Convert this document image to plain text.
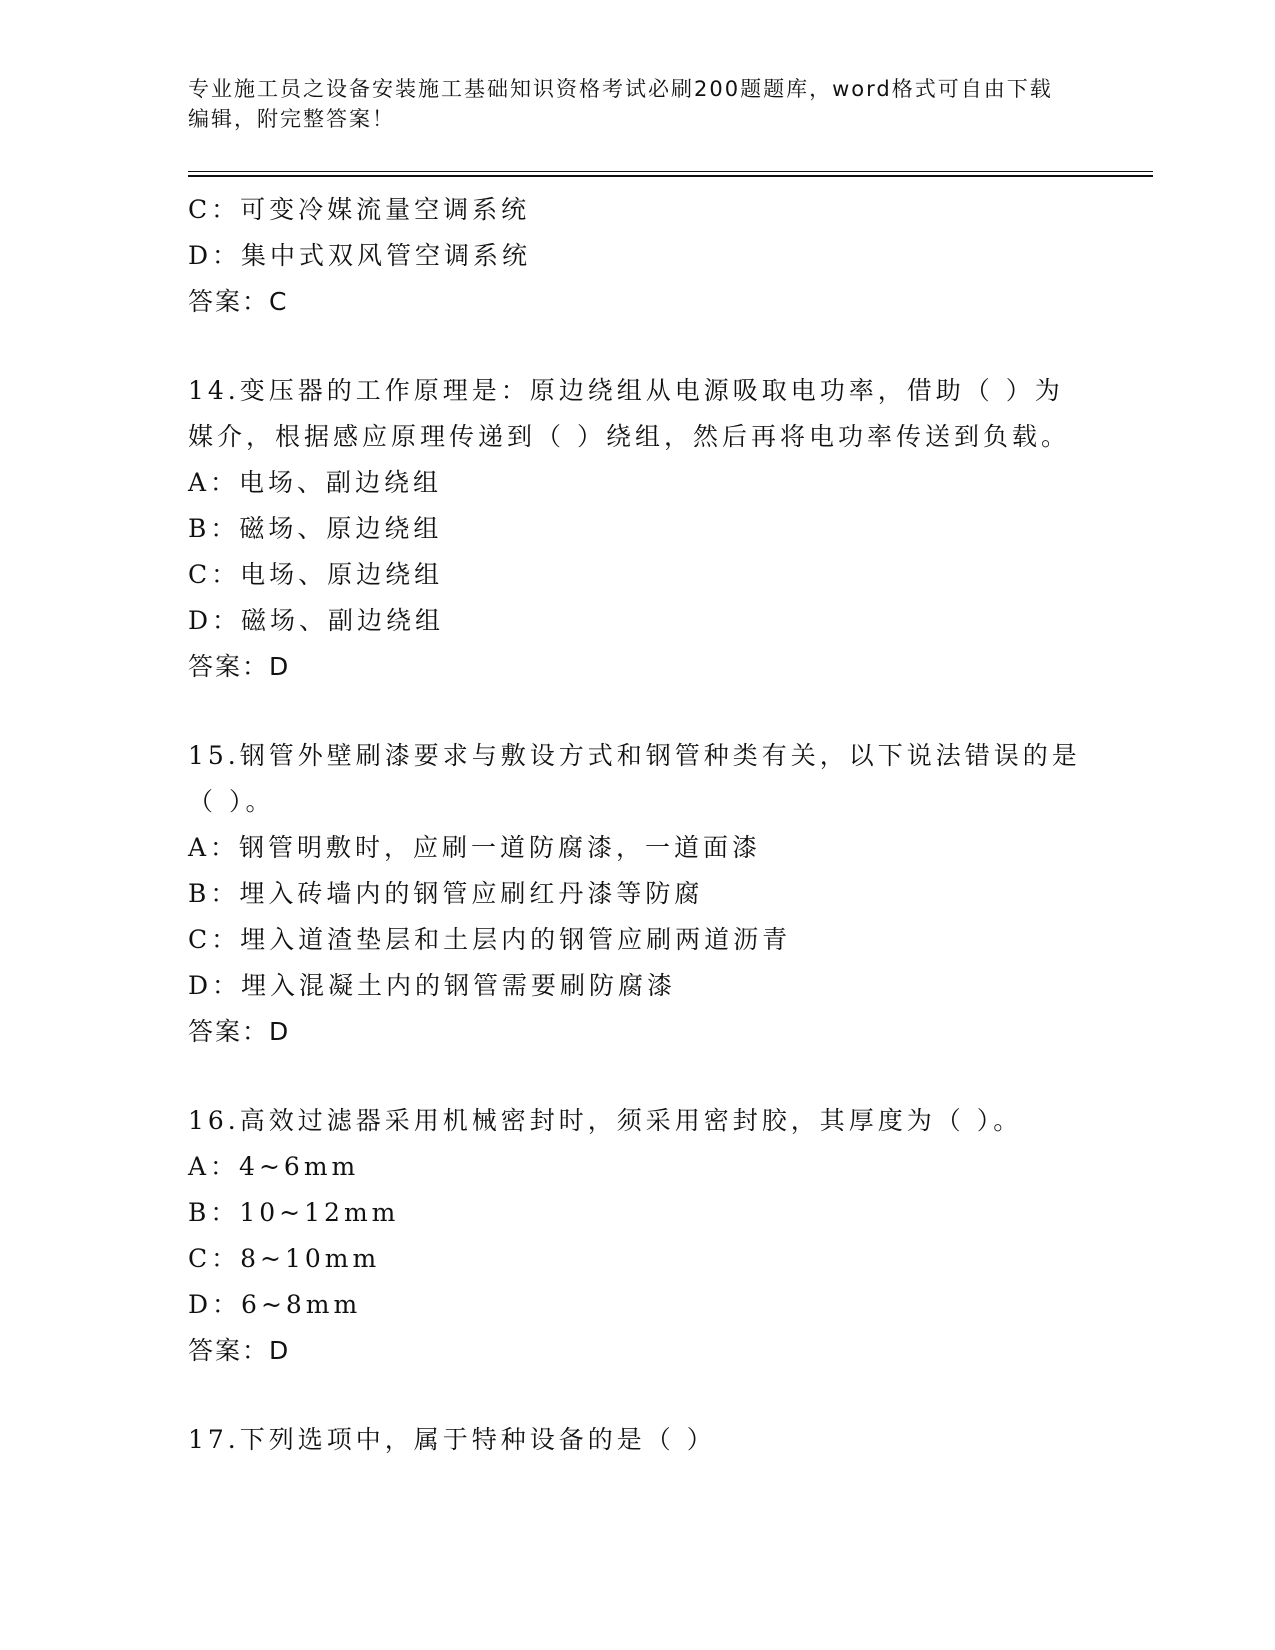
专业施工员之设备安装施工基础知识资格考试必刷200题题库，word格式可自由下载编辑，附完整答案！
C：可变冷媒流量空调系统
D：集中式双风管空调系统
答案：C
14.变压器的工作原理是：原边绕组从电源吸取电功率，借助（ ）为媒介，根据感应原理传递到（ ）绕组，然后再将电功率传送到负载。
A：电场、副边绕组
B：磁场、原边绕组
C：电场、原边绕组
D：磁场、副边绕组
答案：D
15.钢管外壁刷漆要求与敷设方式和钢管种类有关，以下说法错误的是（ ）。
A：钢管明敷时，应刷一道防腐漆，一道面漆
B：埋入砖墙内的钢管应刷红丹漆等防腐
C：埋入道渣垫层和土层内的钢管应刷两道沥青
D：埋入混凝土内的钢管需要刷防腐漆
答案：D
16.高效过滤器采用机械密封时，须采用密封胶，其厚度为（ ）。
A：4~6mm
B：10~12mm
C：8~10mm
D：6~8mm
答案：D
17.下列选项中，属于特种设备的是（ ）
